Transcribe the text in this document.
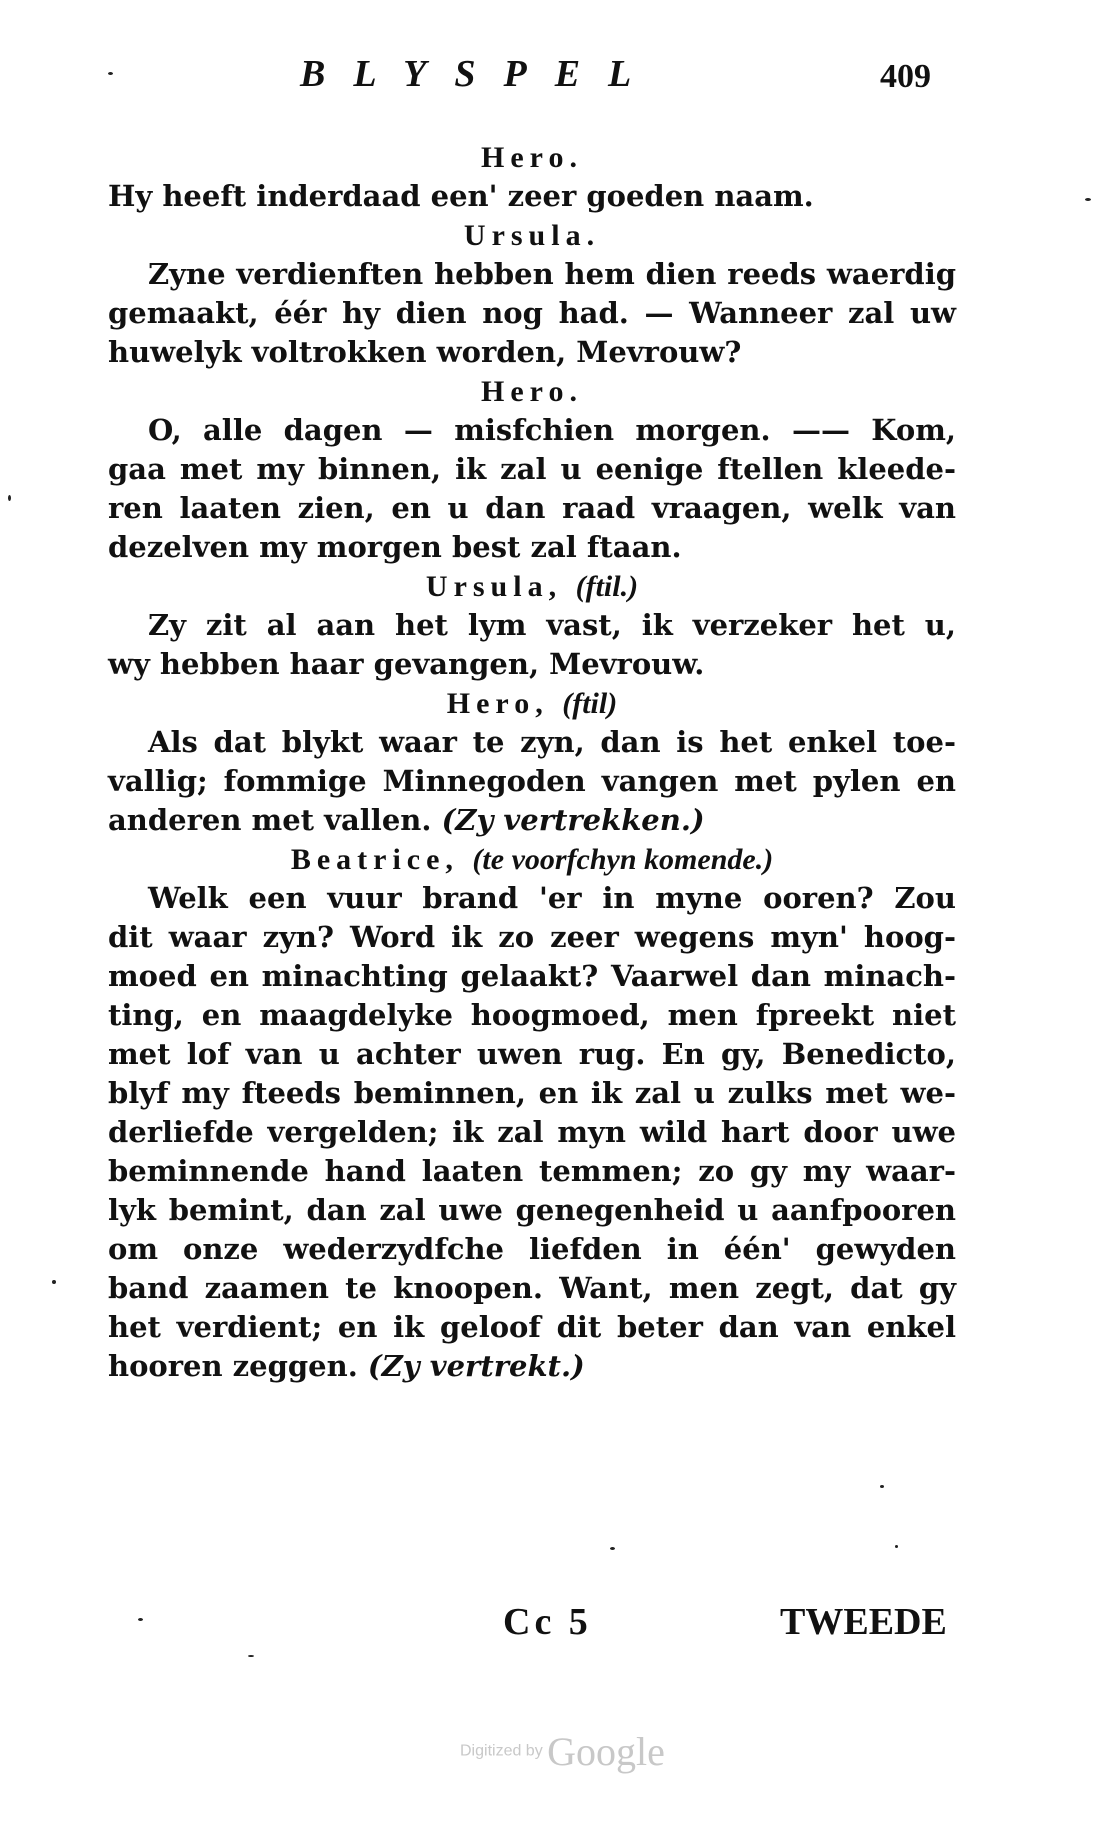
BLYSPEL	409
Hero.
Hy heeft inderdaad een' zeer goeden naam.
Ursula.
Zyne verdienften hebben hem dien reeds waerdig
gemaakt, éér hy dien nog had. — Wanneer zal uw
huwelyk voltrokken worden, Mevrouw?
Hero.
O, alle dagen — misfchien morgen. —— Kom,
gaa met my binnen, ik zal u eenige ftellen kleede-
ren laaten zien, en u dan raad vraagen, welk van
dezelven my morgen best zal ftaan.
Ursula, (ftil.)
Zy zit al aan het lym vast, ik verzeker het u,
wy hebben haar gevangen, Mevrouw.
Hero, (ftil)
Als dat blykt waar te zyn, dan is het enkel toe-
vallig; fommige Minnegoden vangen met pylen en
anderen met vallen. (Zy vertrekken.)
Beatrice, (te voorfchyn komende.)
Welk een vuur brand 'er in myne ooren? Zou
dit waar zyn? Word ik zo zeer wegens myn' hoog-
moed en minachting gelaakt? Vaarwel dan minach-
ting, en maagdelyke hoogmoed, men fpreekt niet
met lof van u achter uwen rug. En gy, Benedicto,
blyf my fteeds beminnen, en ik zal u zulks met we-
derliefde vergelden; ik zal myn wild hart door uwe
beminnende hand laaten temmen; zo gy my waar-
lyk bemint, dan zal uwe genegenheid u aanfpooren
om onze wederzydfche liefden in één' gewyden
band zaamen te knoopen. Want, men zegt, dat gy
het verdient; en ik geloof dit beter dan van enkel
hooren zeggen. (Zy vertrekt.)
Cc 5	TWEEDE
Digitized by Google
